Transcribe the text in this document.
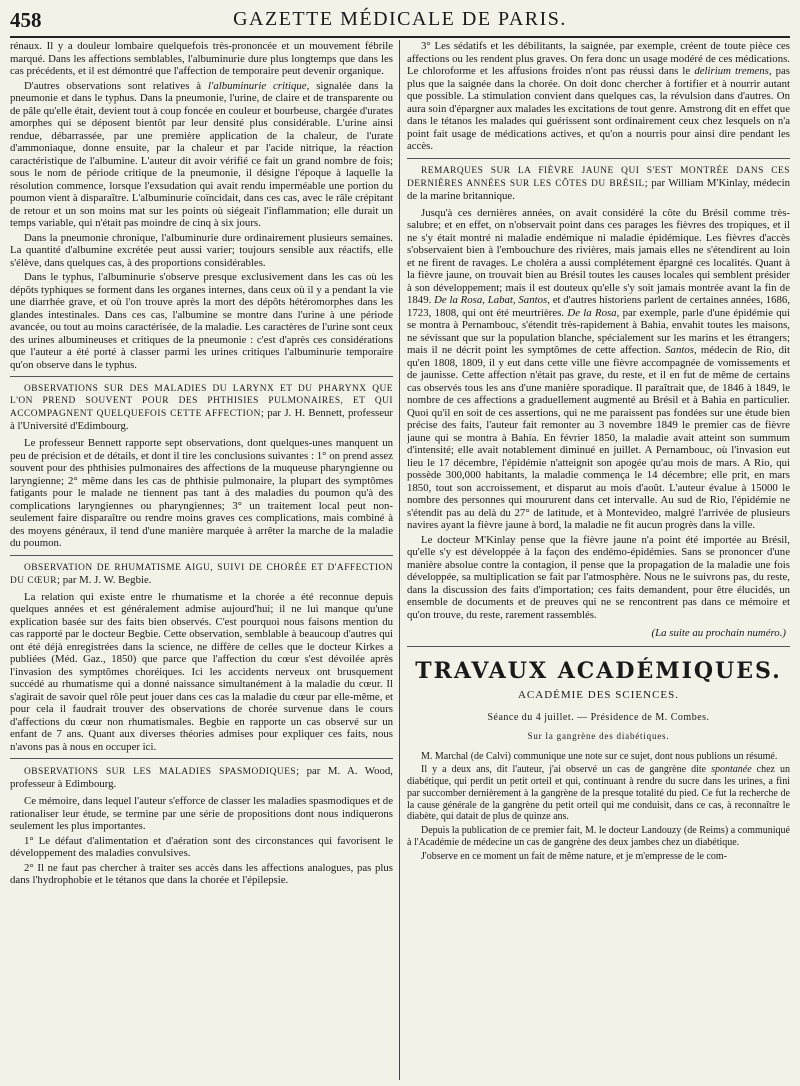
458	GAZETTE MÉDICALE DE PARIS.

rénaux. Il y a douleur lombaire quelquefois très-prononcée et un mouvement fébrile marqué. Dans les affections semblables, l'albuminurie dure plus longtemps que dans les cas précédents, et il est démontré que l'affection de temporaire peut devenir organique.

D'autres observations sont relatives à l'albuminurie critique, signalée dans la pneumonie et dans le typhus. Dans la pneumonie, l'urine, de claire et de transparente ou de pâle qu'elle était, devient tout à coup foncée en couleur et bourbeuse, chargée d'urates amorphes qui se déposent bientôt par leur densité plus considérable. L'urine ainsi rendue, débarrassée, par une première application de la chaleur, de l'urate d'ammoniaque, donne ensuite, par la chaleur et par l'acide nitrique, la réaction caractéristique de l'albumine. L'auteur dit avoir vérifié ce fait un grand nombre de fois; sous le nom de période critique de la pneumonie, il désigne l'époque à laquelle la résolution commence, lorsque l'exsudation qui avait rendu imperméable une portion du poumon vient à disparaître. L'albuminurie coïncidait, dans ces cas, avec le râle crépitant de retour et un son moins mat sur les points où siégeait l'inflammation; elle durait un temps variable, qui n'était pas moindre de cinq à six jours.

Dans la pneumonie chronique, l'albuminurie dure ordinairement plusieurs semaines. La quantité d'albumine excrétée peut aussi varier; toujours sensible aux réactifs, elle s'élève, dans quelques cas, à des proportions considérables.

Dans le typhus, l'albuminurie s'observe presque exclusivement dans les cas où les dépôts typhiques se forment dans les organes internes, dans ceux où il y a pendant la vie une diarrhée grave, et où l'on trouve après la mort des dépôts hétéromorphes dans les glandes intestinales. Dans ces cas, l'albumine se montre dans l'urine à une période avancée, ou tout au moins caractérisée, de la maladie. Les caractères de l'urine sont ceux des urines albumineuses et critiques de la pneumonie : c'est d'après ces considérations que l'auteur a été porté à classer parmi les urines critiques l'albuminurie temporaire qu'on observe dans le typhus.

OBSERVATIONS SUR DES MALADIES DU LARYNX ET DU PHARYNX QUE L'ON PREND SOUVENT POUR DES PHTHISIES PULMONAIRES, ET QUI ACCOMPAGNENT QUELQUEFOIS CETTE AFFECTION; par J. H. Bennett, professeur à l'Université d'Edimbourg.

Le professeur Bennett rapporte sept observations, dont quelques-unes manquent un peu de précision et de détails, et dont il tire les conclusions suivantes : 1° on prend assez souvent pour des phthisies pulmonaires des affections de la muqueuse pharyngienne ou laryngienne; 2° même dans les cas de phthisie pulmonaire, la plupart des symptômes fatigants pour le malade ne tiennent pas tant à des maladies du poumon qu'à des complications laryngiennes ou pharyngiennes; 3° un traitement local peut non-seulement faire disparaître ou rendre moins graves ces complications, mais combiné à des moyens généraux, il tend d'une manière marquée à arrêter la marche de la maladie du poumon.

OBSERVATION DE RHUMATISME AIGU, SUIVI DE CHORÉE ET D'AFFECTION DU CŒUR; par M. J. W. Begbie.

La relation qui existe entre le rhumatisme et la chorée a été reconnue depuis quelques années et est généralement admise aujourd'hui; il ne lui manque qu'une explication basée sur des faits bien observés. C'est pourquoi nous faisons mention du cas rapporté par le docteur Begbie. Cette observation, semblable à beaucoup d'autres qui ont été déjà enregistrées dans la science, ne diffère de celles que le docteur Kirkes a publiées (Méd. Gaz., 1850) que parce que l'affection du cœur s'est dévoilée après l'invasion des symptômes choréiques. Ici les accidents nerveux ont brusquement succédé au rhumatisme qui a donné naissance simultanément à la maladie du cœur. Il s'agirait de savoir quel rôle peut jouer dans ces cas la maladie du cœur par elle-même, et pour cela il faudrait trouver des observations de chorée survenue dans le cours d'affections du cœur non rhumatismales. Begbie en rapporte un cas observé sur un enfant de 7 ans. Quant aux diverses théories admises pour expliquer ces faits, nous n'avons pas à nous en occuper ici.

OBSERVATIONS SUR LES MALADIES SPASMODIQUES; par M. A. Wood, professeur à Edimbourg.

Ce mémoire, dans lequel l'auteur s'efforce de classer les maladies spasmodiques et de rationaliser leur étude, se termine par une série de propositions dont nous indiquerons seulement les plus importantes.

1° Le défaut d'alimentation et d'aération sont des circonstances qui favorisent le développement des maladies convulsives.

2° Il ne faut pas chercher à traiter ses accès dans les affections analogues, pas plus dans l'hydrophobie et le tétanos que dans la chorée et l'épilepsie.

3° Les sédatifs et les débilitants, la saignée, par exemple, créent de toute pièce ces affections ou les rendent plus graves. On fera donc un usage modéré de ces médications. Le chloroforme et les affusions froides n'ont pas réussi dans le delirium tremens, pas plus que la saignée dans la chorée. On doit donc chercher à fortifier et à nourrir autant que possible. La stimulation convient dans quelques cas, la révulsion dans d'autres. On aura soin d'épargner aux malades les excitations de tout genre. Amstrong dit en effet que dans le tétanos les malades qui guérissent sont ordinairement ceux chez lesquels on n'a point fait usage de médications actives, et qu'on a nourris pour ainsi dire pendant les accès.

REMARQUES SUR LA FIÈVRE JAUNE QUI S'EST MONTRÉE DANS CES DERNIÈRES ANNÉES SUR LES CÔTES DU BRÉSIL; par William M'Kinlay, médecin de la marine britannique.

Jusqu'à ces dernières années, on avait considéré la côte du Brésil comme très-salubre; et en effet, on n'observait point dans ces parages les fièvres des tropiques, et il ne s'y était montré ni maladie endémique ni maladie épidémique. Les fièvres d'accès s'observaient bien à l'embouchure des rivières, mais jamais elles ne s'étendirent au loin et ne firent de ravages. Le choléra a aussi complétement épargné ces localités. Quant à la fièvre jaune, on trouvait bien au Brésil toutes les causes locales qui semblent présider à son développement; mais il est douteux qu'elle s'y soit jamais montrée avant la fin de 1849. De la Rosa, Labat, Santos, et d'autres historiens parlent de certaines années, 1686, 1723, 1808, qui ont été meurtrières. De la Rosa, par exemple, parle d'une épidémie qui se montra à Pernambouc, s'étendit très-rapidement à Bahia, envahit toutes les maisons, ne sévissant que sur la population blanche, spécialement sur les marins et les étrangers; mais il ne décrit point les symptômes de cette affection. Santos, médecin de Rio, dit qu'en 1808, 1809, il y eut dans cette ville une fièvre accompagnée de vomissements et de jaunisse. Cette affection n'était pas grave, du reste, et il en fut de même de certains cas observés tous les ans d'une manière sporadique. Il paraîtrait que, de 1846 à 1849, le nombre de ces affections a graduellement augmenté au Brésil et à Bahia en particulier. Quoi qu'il en soit de ces assertions, qui ne me paraissent pas fondées sur une étude bien précise des faits, l'auteur fait remonter au 3 novembre 1849 le premier cas de fièvre jaune qui se montra à Bahia. En février 1850, la maladie avait atteint son summum d'intensité; elle avait notablement diminué en juillet. A Pernambouc, où l'invasion eut lieu le 17 décembre, l'épidémie n'atteignit son apogée qu'au mois de mars. A Rio, qui possède 300,000 habitants, la maladie commença le 14 décembre; elle prit, en mars 1850, tout son accroissement, et disparut au mois d'août. L'auteur évalue à 15000 le nombre des personnes qui moururent dans cet intervalle. Au sud de Rio, l'épidémie ne s'étendit pas au delà du 27° de latitude, et à Montevideo, malgré l'arrivée de plusieurs navires ayant la fièvre jaune à bord, la maladie ne fit aucun progrès dans la ville.

Le docteur M'Kinlay pense que la fièvre jaune n'a point été importée au Brésil, qu'elle s'y est développée à la façon des endémo-épidémies. Sans se prononcer d'une manière absolue contre la contagion, il pense que la propagation de la maladie une fois développée, sa multiplication se fait par l'atmosphère. Nous ne le suivrons pas, du reste, dans la discussion des faits d'importation; ces faits demandent, pour être élucidés, un ensemble de documents et de preuves qui ne se rencontrent pas dans ce mémoire et qu'on trouve, du reste, rarement rassemblés.

(La suite au prochain numéro.)
TRAVAUX ACADÉMIQUES.
ACADÉMIE DES SCIENCES.
Séance du 4 juillet. — Présidence de M. Combes.
Sur la gangrène des diabétiques.

M. Marchal (de Calvi) communique une note sur ce sujet, dont nous publions un résumé.

Il y a deux ans, dit l'auteur, j'ai observé un cas de gangrène dite spontanée chez un diabétique, qui perdit un petit orteil et qui, continuant à rendre du sucre dans les urines, a fini par succomber dernièrement à la gangrène de la presque totalité du pied. Ce fut la recherche de la cause générale de la gangrène du petit orteil qui me conduisit, dans ce cas, à reconnaître le diabète, qui datait de plus de quinze ans.

Depuis la publication de ce premier fait, M. le docteur Landouzy (de Reims) a communiqué à l'Académie de médecine un cas de gangrène des deux jambes chez un diabétique.

J'observe en ce moment un fait de même nature, et je m'empresse de le com-
